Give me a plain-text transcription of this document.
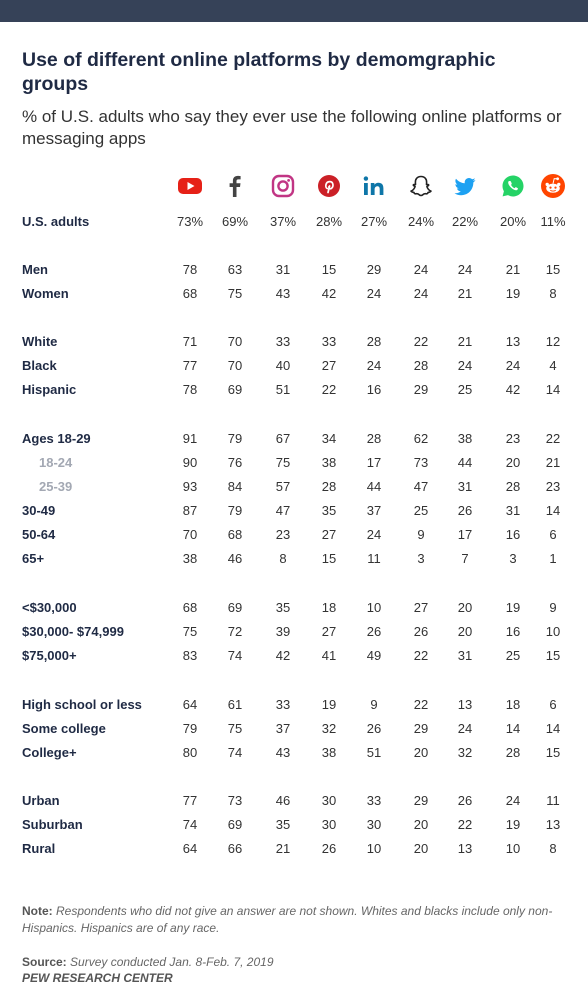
Use of different online platforms by demomgraphic groups

% of U.S. adults who say they ever use the following online platforms or messaging apps

U.S. adults	73%	69%	37%	28%	27%	24%	22%	20%	11%
Men	78	63	31	15	29	24	24	21	15
Women	68	75	43	42	24	24	21	19	8
White	71	70	33	33	28	22	21	13	12
Black	77	70	40	27	24	28	24	24	4
Hispanic	78	69	51	22	16	29	25	42	14
Ages 18-29	91	79	67	34	28	62	38	23	22
18-24	90	76	75	38	17	73	44	20	21
25-39	93	84	57	28	44	47	31	28	23
30-49	87	79	47	35	37	25	26	31	14
50-64	70	68	23	27	24	9	17	16	6
65+	38	46	8	15	11	3	7	3	1
<$30,000	68	69	35	18	10	27	20	19	9
$30,000- $74,999	75	72	39	27	26	26	20	16	10
$75,000+	83	74	42	41	49	22	31	25	15
High school or less	64	61	33	19	9	22	13	18	6
Some college	79	75	37	32	26	29	24	14	14
College+	80	74	43	38	51	20	32	28	15
Urban	77	73	46	30	33	29	26	24	11
Suburban	74	69	35	30	30	20	22	19	13
Rural	64	66	21	26	10	20	13	10	8
Note: Respondents who did not give an answer are not shown. Whites and blacks include only non-Hispanics. Hispanics are of any race.
Source: Survey conducted Jan. 8-Feb. 7, 2019
PEW RESEARCH CENTER
